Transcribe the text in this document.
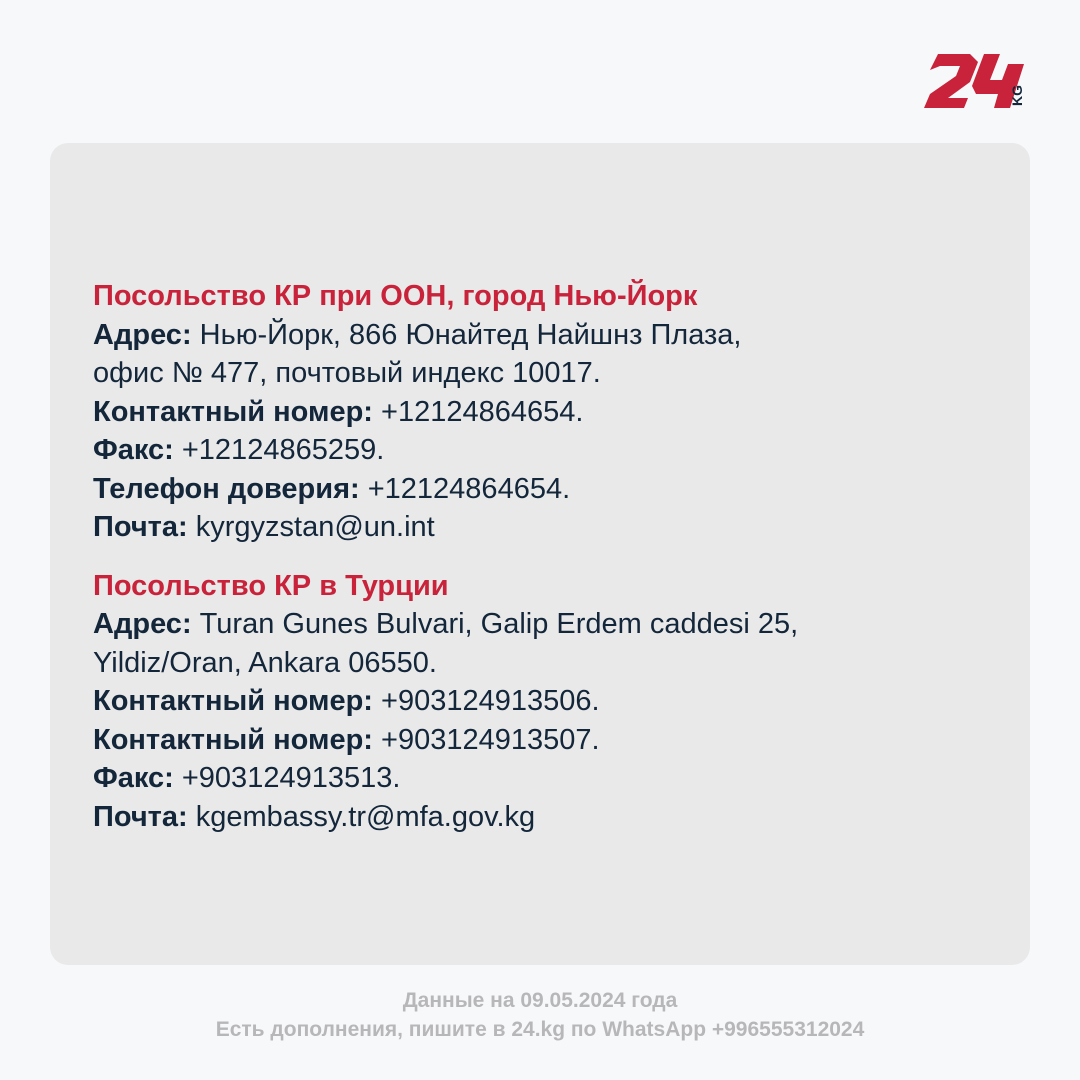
KG
Посольство КР при ООН, город Нью-Йорк
Адрес: Нью-Йорк, 866 Юнайтед Найшнз Плаза,
офис № 477, почтовый индекс 10017.
Контактный номер: +12124864654.
Факс: +12124865259.
Телефон доверия: +12124864654.
Почта: kyrgyzstan@un.int
Посольство КР в Турции
Адрес: Turan Gunes Bulvari, Galip Erdem caddesi 25,
Yildiz/Oran, Ankara 06550.
Контактный номер: +903124913506.
Контактный номер: +903124913507.
Факс: +903124913513.
Почта: kgembassy.tr@mfa.gov.kg
Данные на 09.05.2024 года
Есть дополнения, пишите в 24.kg по WhatsApp +996555312024
